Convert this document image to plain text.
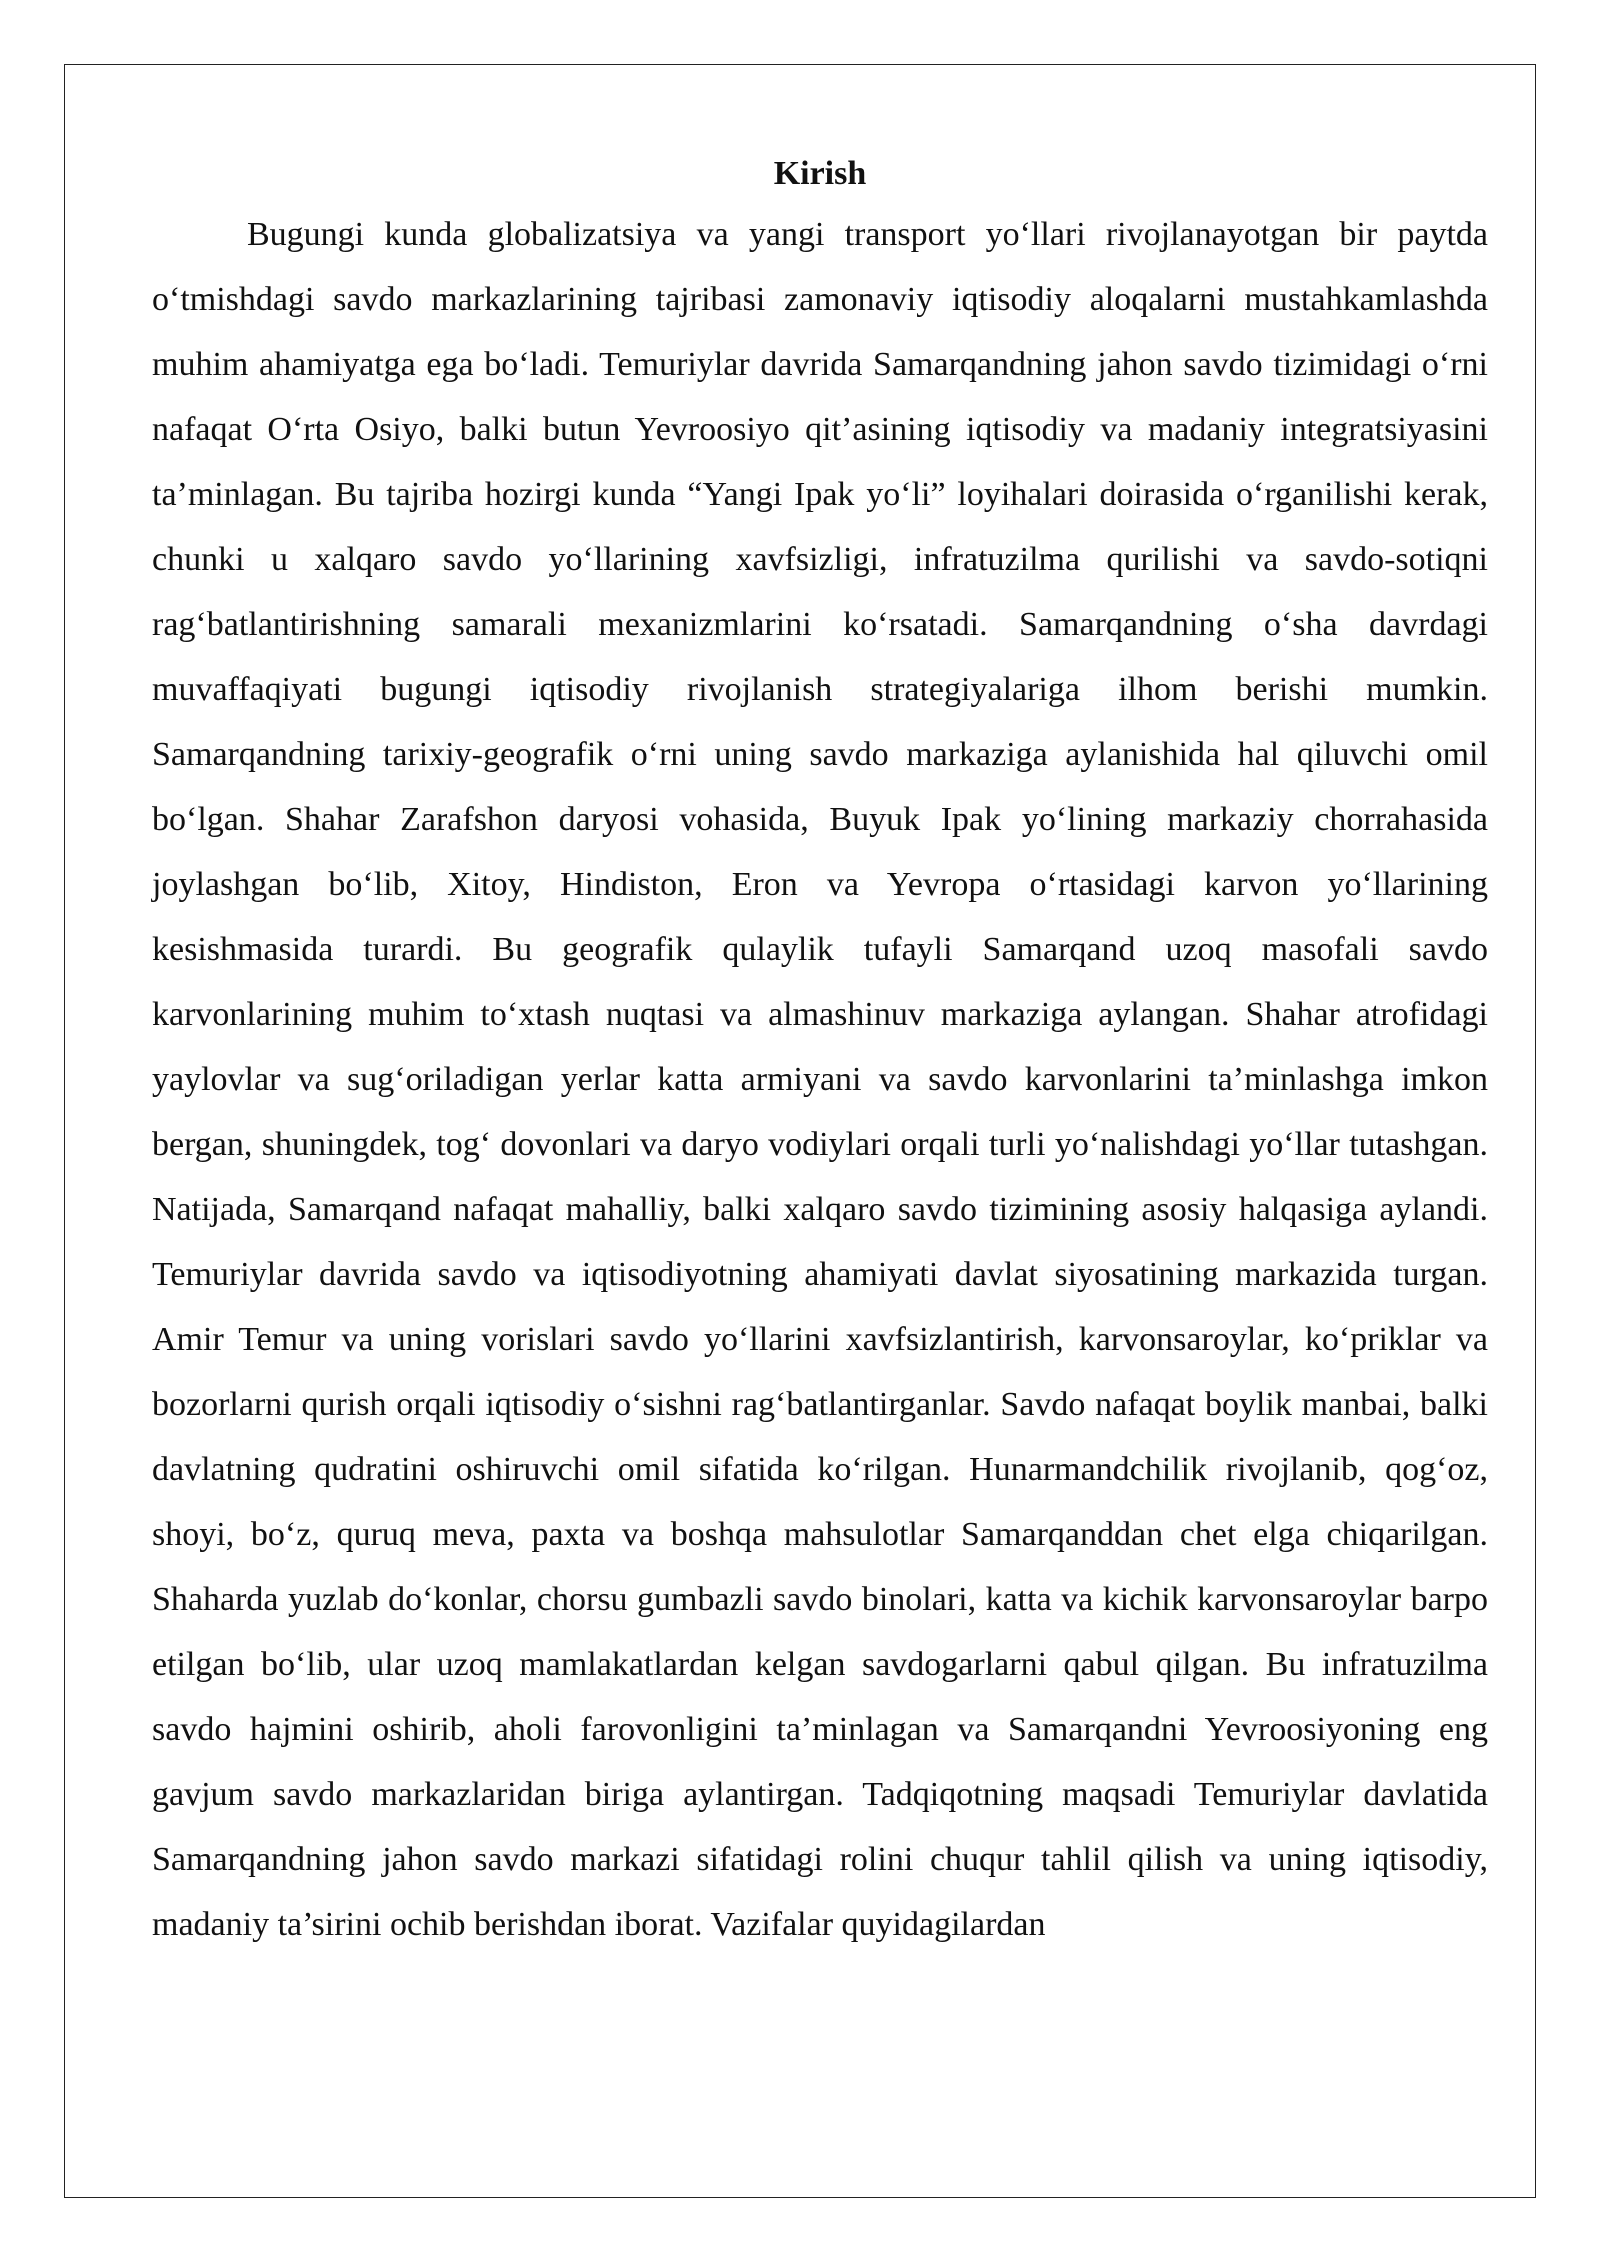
Kirish

Bugungi kunda globalizatsiya va yangi transport yo‘llari rivojlanayotgan bir paytda o‘tmishdagi savdo markazlarining tajribasi zamonaviy iqtisodiy aloqalarni mustahkamlashda muhim ahamiyatga ega bo‘ladi. Temuriylar davrida Samarqandning jahon savdo tizimidagi o‘rni nafaqat O‘rta Osiyo, balki butun Yevroosiyo qit’asining iqtisodiy va madaniy integratsiyasini ta’minlagan. Bu tajriba hozirgi kunda “Yangi Ipak yo‘li” loyihalari doirasida o‘rganilishi kerak, chunki u xalqaro savdo yo‘llarining xavfsizligi, infratuzilma qurilishi va savdo-sotiqni rag‘batlantirishning samarali mexanizmlarini ko‘rsatadi. Samarqandning o‘sha davrdagi muvaffaqiyati bugungi iqtisodiy rivojlanish strategiyalariga ilhom berishi mumkin. Samarqandning tarixiy-geografik o‘rni uning savdo markaziga aylanishida hal qiluvchi omil bo‘lgan. Shahar Zarafshon daryosi vohasida, Buyuk Ipak yo‘lining markaziy chorrahasida joylashgan bo‘lib, Xitoy, Hindiston, Eron va Yevropa o‘rtasidagi karvon yo‘llarining kesishmasida turardi. Bu geografik qulaylik tufayli Samarqand uzoq masofali savdo karvonlarining muhim to‘xtash nuqtasi va almashinuv markaziga aylangan. Shahar atrofidagi yaylovlar va sug‘oriladigan yerlar katta armiyani va savdo karvonlarini ta’minlashga imkon bergan, shuningdek, tog‘ dovonlari va daryo vodiylari orqali turli yo‘nalishdagi yo‘llar tutashgan. Natijada, Samarqand nafaqat mahalliy, balki xalqaro savdo tizimining asosiy halqasiga aylandi. Temuriylar davrida savdo va iqtisodiyotning ahamiyati davlat siyosatining markazida turgan. Amir Temur va uning vorislari savdo yo‘llarini xavfsizlantirish, karvonsaroylar, ko‘priklar va bozorlarni qurish orqali iqtisodiy o‘sishni rag‘batlantirganlar. Savdo nafaqat boylik manbai, balki davlatning qudratini oshiruvchi omil sifatida ko‘rilgan. Hunarmandchilik rivojlanib, qog‘oz, shoyi, bo‘z, quruq meva, paxta va boshqa mahsulotlar Samarqanddan chet elga chiqarilgan. Shaharda yuzlab do‘konlar, chorsu gumbazli savdo binolari, katta va kichik karvonsaroylar barpo etilgan bo‘lib, ular uzoq mamlakatlardan kelgan savdogarlarni qabul qilgan. Bu infratuzilma savdo hajmini oshirib, aholi farovonligini ta’minlagan va Samarqandni Yevroosiyoning eng gavjum savdo markazlaridan biriga aylantirgan. Tadqiqotning maqsadi Temuriylar davlatida Samarqandning jahon savdo markazi sifatidagi rolini chuqur tahlil qilish va uning iqtisodiy, madaniy ta’sirini ochib berishdan iborat. Vazifalar quyidagilardan
